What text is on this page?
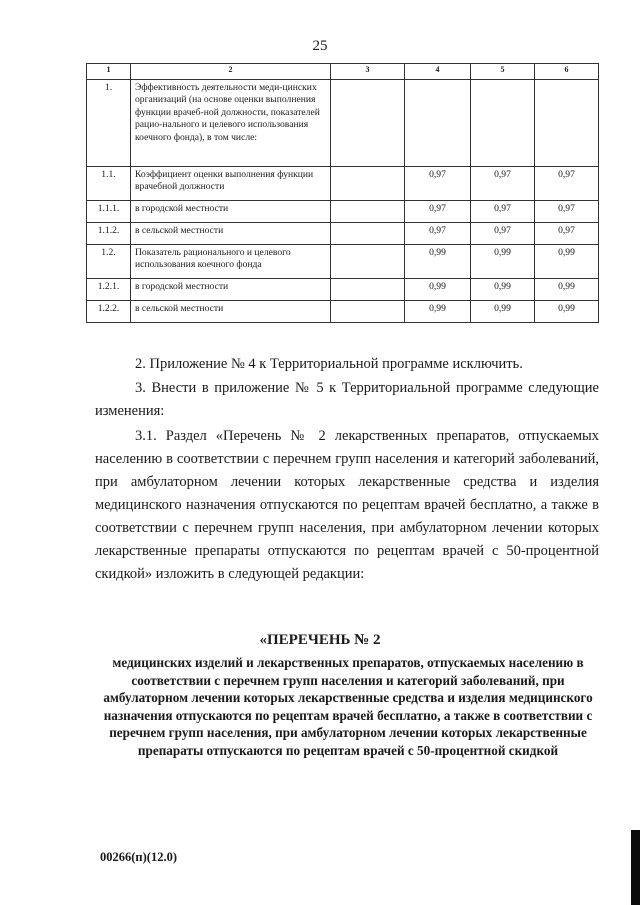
25
1	2	3	4	5	6
1.	Эффективность деятельности меди-цинских организаций (на основе оценки выполнения функции врачеб-ной должности, показателей рацио-нального и целевого использования коечного фонда), в том числе:				
1.1.	Коэффициент оценки выполнения функции врачебной должности		0,97	0,97	0,97
1.1.1.	в городской местности		0,97	0,97	0,97
1.1.2.	в сельской местности		0,97	0,97	0,97
1.2.	Показатель рационального и целевого использования коечного фонда		0,99	0,99	0,99
1.2.1.	в городской местности		0,99	0,99	0,99
1.2.2.	в сельской местности		0,99	0,99	0,99
2. Приложение № 4 к Территориальной программе исключить.
3. Внести в приложение № 5 к Территориальной программе следующие изменения:
3.1. Раздел «Перечень № 2 лекарственных препаратов, отпускаемых населению в соответствии с перечнем групп населения и категорий заболеваний, при амбулаторном лечении которых лекарственные средства и изделия медицинского назначения отпускаются по рецептам врачей бесплатно, а также в соответствии с перечнем групп населения, при амбулаторном лечении которых лекарственные препараты отпускаются по рецептам врачей с 50-процентной скидкой» изложить в следующей редакции:
«ПЕРЕЧЕНЬ № 2
медицинских изделий и лекарственных препаратов, отпускаемых населению в соответствии с перечнем групп населения и категорий заболеваний, при амбулаторном лечении которых лекарственные средства и изделия медицинского назначения отпускаются по рецептам врачей бесплатно, а также в соответствии с перечнем групп населения, при амбулаторном лечении которых лекарственные препараты отпускаются по рецептам врачей с 50-процентной скидкой
00266(п)(12.0)
